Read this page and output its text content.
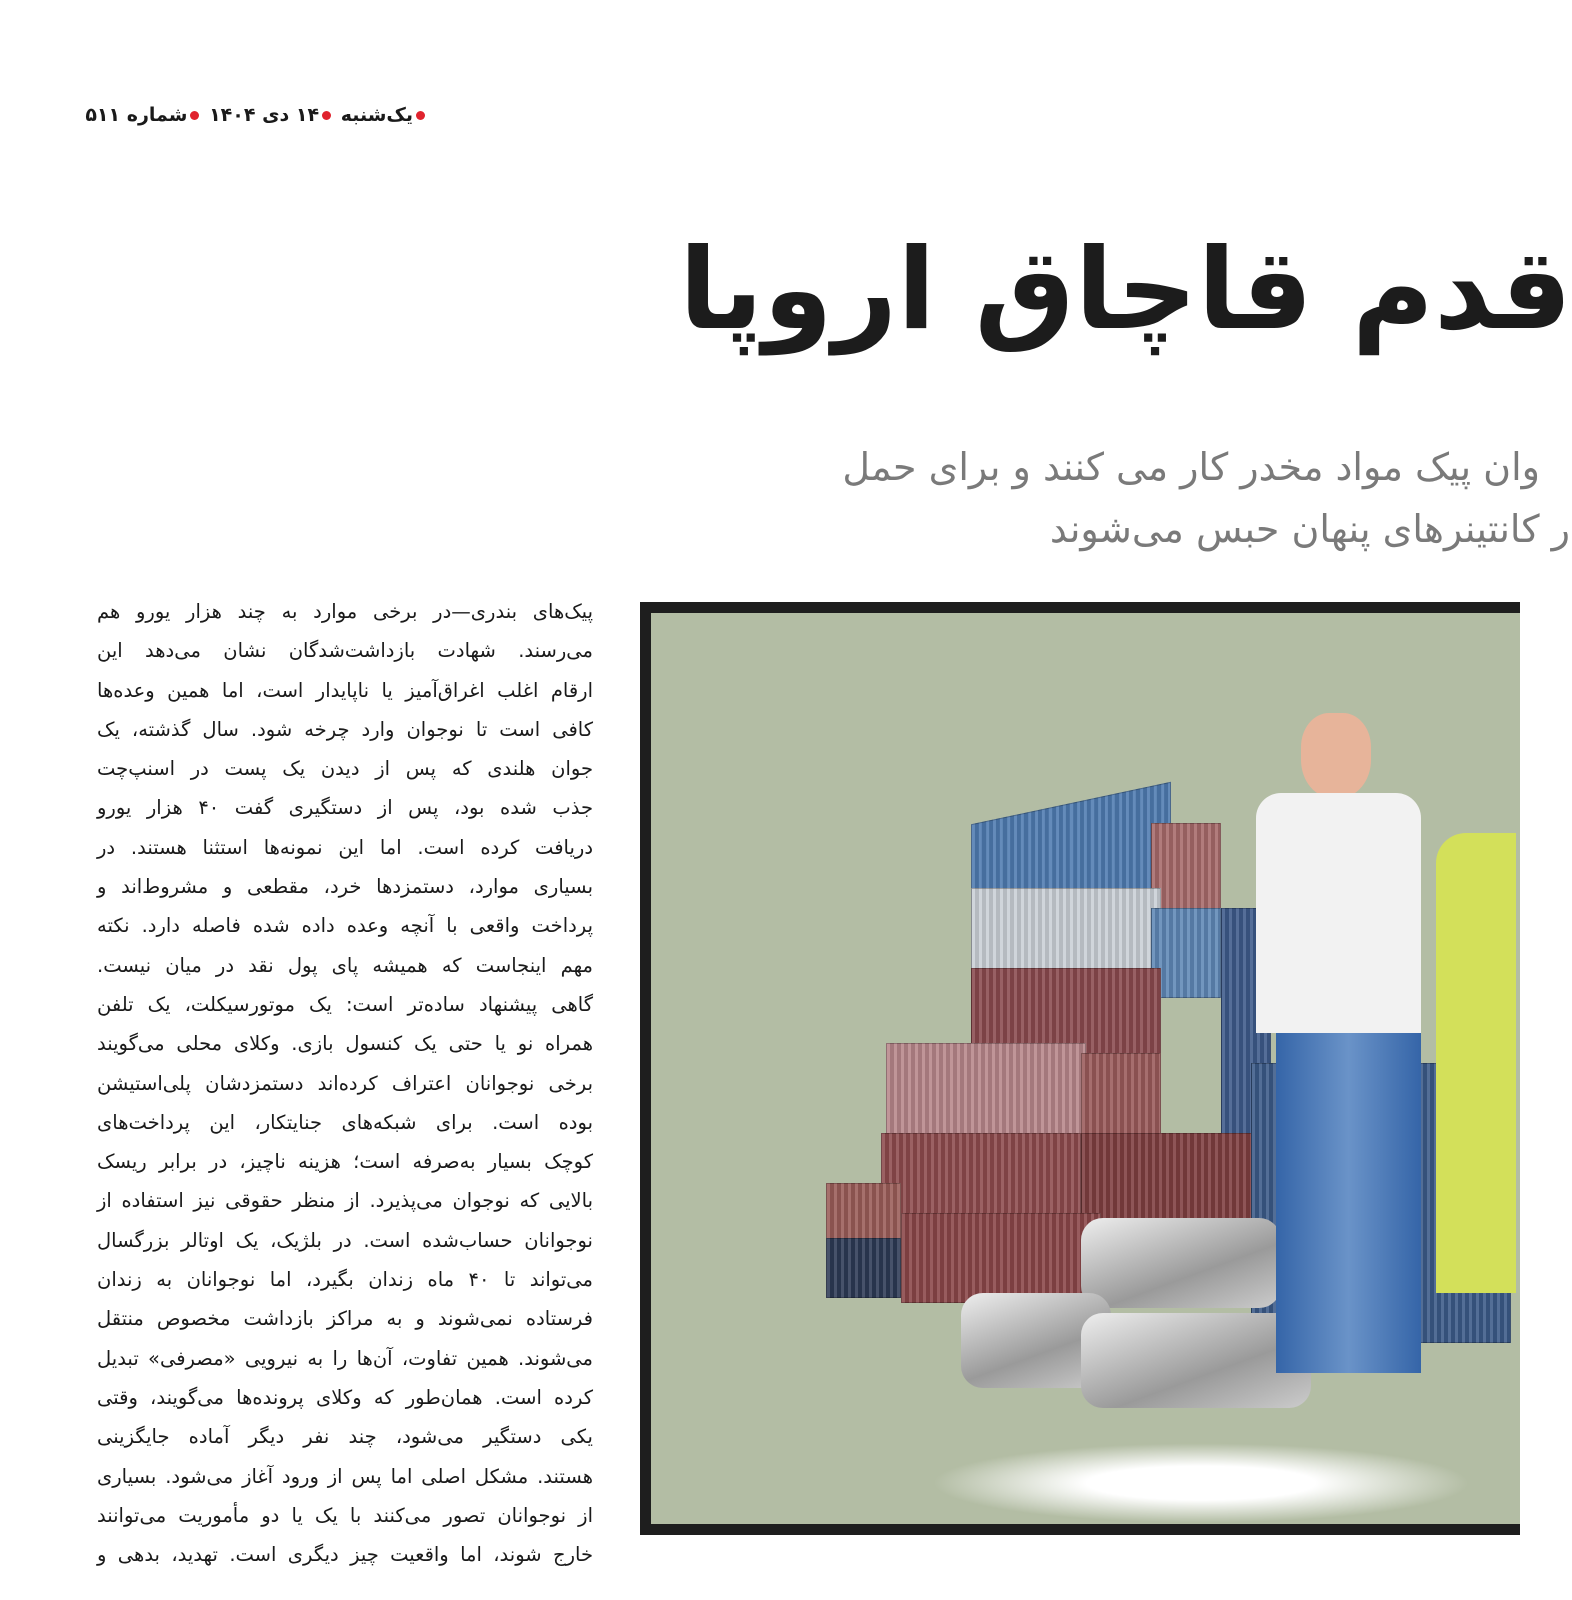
یک‌شنبه ۱۴ دی ۱۴۰۴ شماره ۵۱۱
قدم قاچاق اروپا
وان پیک مواد مخدر کار می کنند و برای حمل
ر کانتینرهای پنهان حبس می‌شوند
پیک‌های بندری—در برخی موارد به چند هزار یورو هم
می‌رسند. شهادت بازداشت‌شدگان نشان می‌دهد این
ارقام اغلب اغراق‌آمیز یا ناپایدار است، اما همین وعده‌ها
کافی است تا نوجوان وارد چرخه شود. سال گذشته، یک
جوان هلندی که پس از دیدن یک پست در اسنپ‌چت
جذب شده بود، پس از دستگیری گفت ۴۰ هزار یورو
دریافت کرده است. اما این نمونه‌ها استثنا هستند. در
بسیاری موارد، دستمزدها خرد، مقطعی و مشروط‌اند و
پرداخت واقعی با آنچه وعده داده شده فاصله دارد. نکته
مهم اینجاست که همیشه پای پول نقد در میان نیست.
گاهی پیشنهاد ساده‌تر است: یک موتورسیکلت، یک تلفن
همراه نو یا حتی یک کنسول بازی. وکلای محلی می‌گویند
برخی نوجوانان اعتراف کرده‌اند دستمزدشان پلی‌استیشن
بوده است. برای شبکه‌های جنایتکار، این پرداخت‌های
کوچک بسیار به‌صرفه است؛ هزینه ناچیز، در برابر ریسک
بالایی که نوجوان می‌پذیرد. از منظر حقوقی نیز استفاده از
نوجوانان حساب‌شده است. در بلژیک، یک اوتالر بزرگسال
می‌تواند تا ۴۰ ماه زندان بگیرد، اما نوجوانان به زندان
فرستاده نمی‌شوند و به مراکز بازداشت مخصوص منتقل
می‌شوند. همین تفاوت، آن‌ها را به نیرویی «مصرفی» تبدیل
کرده است. همان‌طور که وکلای پرونده‌ها می‌گویند، وقتی
یکی دستگیر می‌شود، چند نفر دیگر آماده جایگزینی
هستند. مشکل اصلی اما پس از ورود آغاز می‌شود. بسیاری
از نوجوانان تصور می‌کنند با یک یا دو مأموریت می‌توانند
خارج شوند، اما واقعیت چیز دیگری است. تهدید، بدهی و
